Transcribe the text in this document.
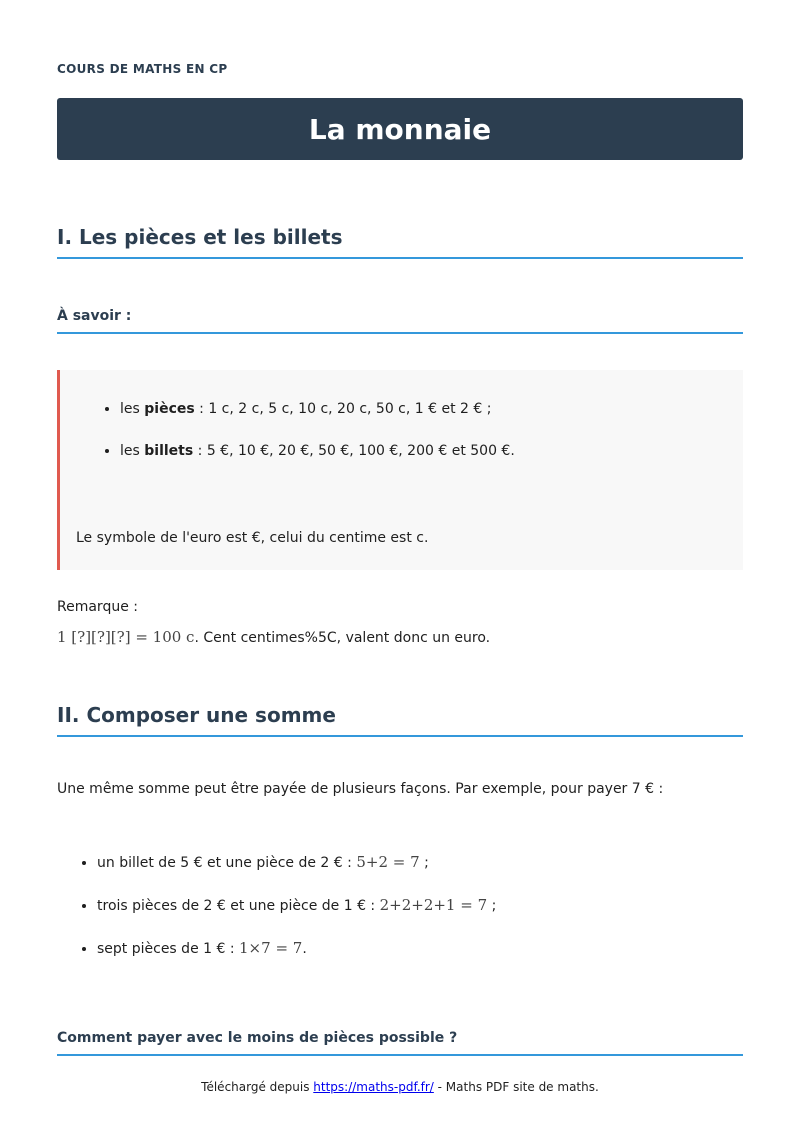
COURS DE MATHS EN CP
La monnaie
I. Les pièces et les billets
À savoir :
• les pièces : 1 c, 2 c, 5 c, 10 c, 20 c, 50 c, 1 € et 2 € ;
• les billets : 5 €, 10 €, 20 €, 50 €, 100 €, 200 € et 500 €.
Le symbole de l'euro est €, celui du centime est c.
Remarque :
1 [?][?][?] = 100 c. Cent centimes%5C, valent donc un euro.
II. Composer une somme
Une même somme peut être payée de plusieurs façons. Par exemple, pour payer 7 € :
• un billet de 5 € et une pièce de 2 € : 5+2 = 7 ;
• trois pièces de 2 € et une pièce de 1 € : 2+2+2+1 = 7 ;
• sept pièces de 1 € : 1×7 = 7.
Comment payer avec le moins de pièces possible ?
Téléchargé depuis https://maths-pdf.fr/ - Maths PDF site de maths.
